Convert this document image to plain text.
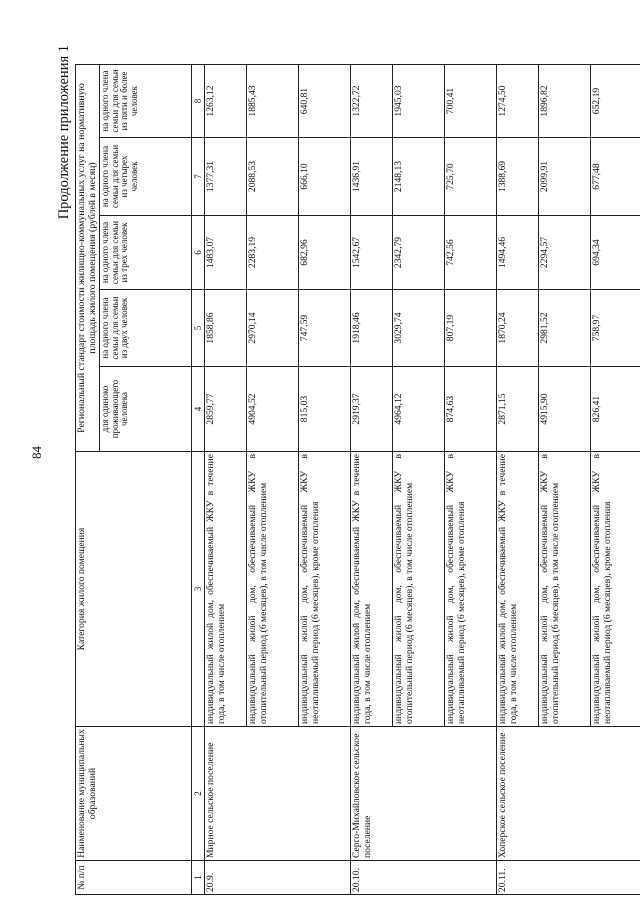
84
Продолжение приложения 1
№ п/п	Наименование муниципальных образований	Категория жилого помещения	Региональный стандарт стоимости жилищно-коммунальных услуг на нормативную площадь жилого помещения (рублей в месяц)				
			для одиноко проживающего человека	на одного члена семьи для семьи из двух человек	на одного члена семьи для семьи из трех человек	на одного члена семьи для семьи из четырех человек	на одного члена семьи для семьи из пяти и более человек
1	2	3	4	5	6	7	8
20.9.	Мирное сельское поселение	индивидуальный жилой дом, обеспечиваемый ЖКУ в течение года, в том числе отоплением	2859,77	1858,86	1483,07	1377,31	1263,12
		индивидуальный жилой дом, обеспечиваемый ЖКУ в отопительный период (6 месяцев), в том числе отоплением	4904,52	2970,14	2283,19	2088,53	1885,43
		индивидуальный жилой дом, обеспечиваемый ЖКУ в неотапливаемый период (6 месяцев), кроме отопления	815,03	747,59	682,96	666,10	640,81
20.10.	Серго-Михайловское сельское поселение	индивидуальный жилой дом, обеспечиваемый ЖКУ в течение года, в том числе отоплением	2919,37	1918,46	1542,67	1436,91	1322,72
		индивидуальный жилой дом, обеспечиваемый ЖКУ в отопительный период (6 месяцев), в том числе отоплением	4964,12	3029,74	2342,79	2148,13	1945,03
		индивидуальный жилой дом, обеспечиваемый ЖКУ в неотапливаемый период (6 месяцев), кроме отопления	874,63	807,19	742,56	725,70	700,41
20.11.	Хоперское сельское поселение	индивидуальный жилой дом, обеспечиваемый ЖКУ в течение года, в том числе отоплением	2871,15	1870,24	1494,46	1388,69	1274,50
		индивидуальный жилой дом, обеспечиваемый ЖКУ в отопительный период (6 месяцев), в том числе отоплением	4915,90	2981,52	2294,57	2099,91	1896,82
		индивидуальный жилой дом, обеспечиваемый ЖКУ в неотапливаемый период (6 месяцев), кроме отопления	826,41	758,97	694,34	677,48	652,19
